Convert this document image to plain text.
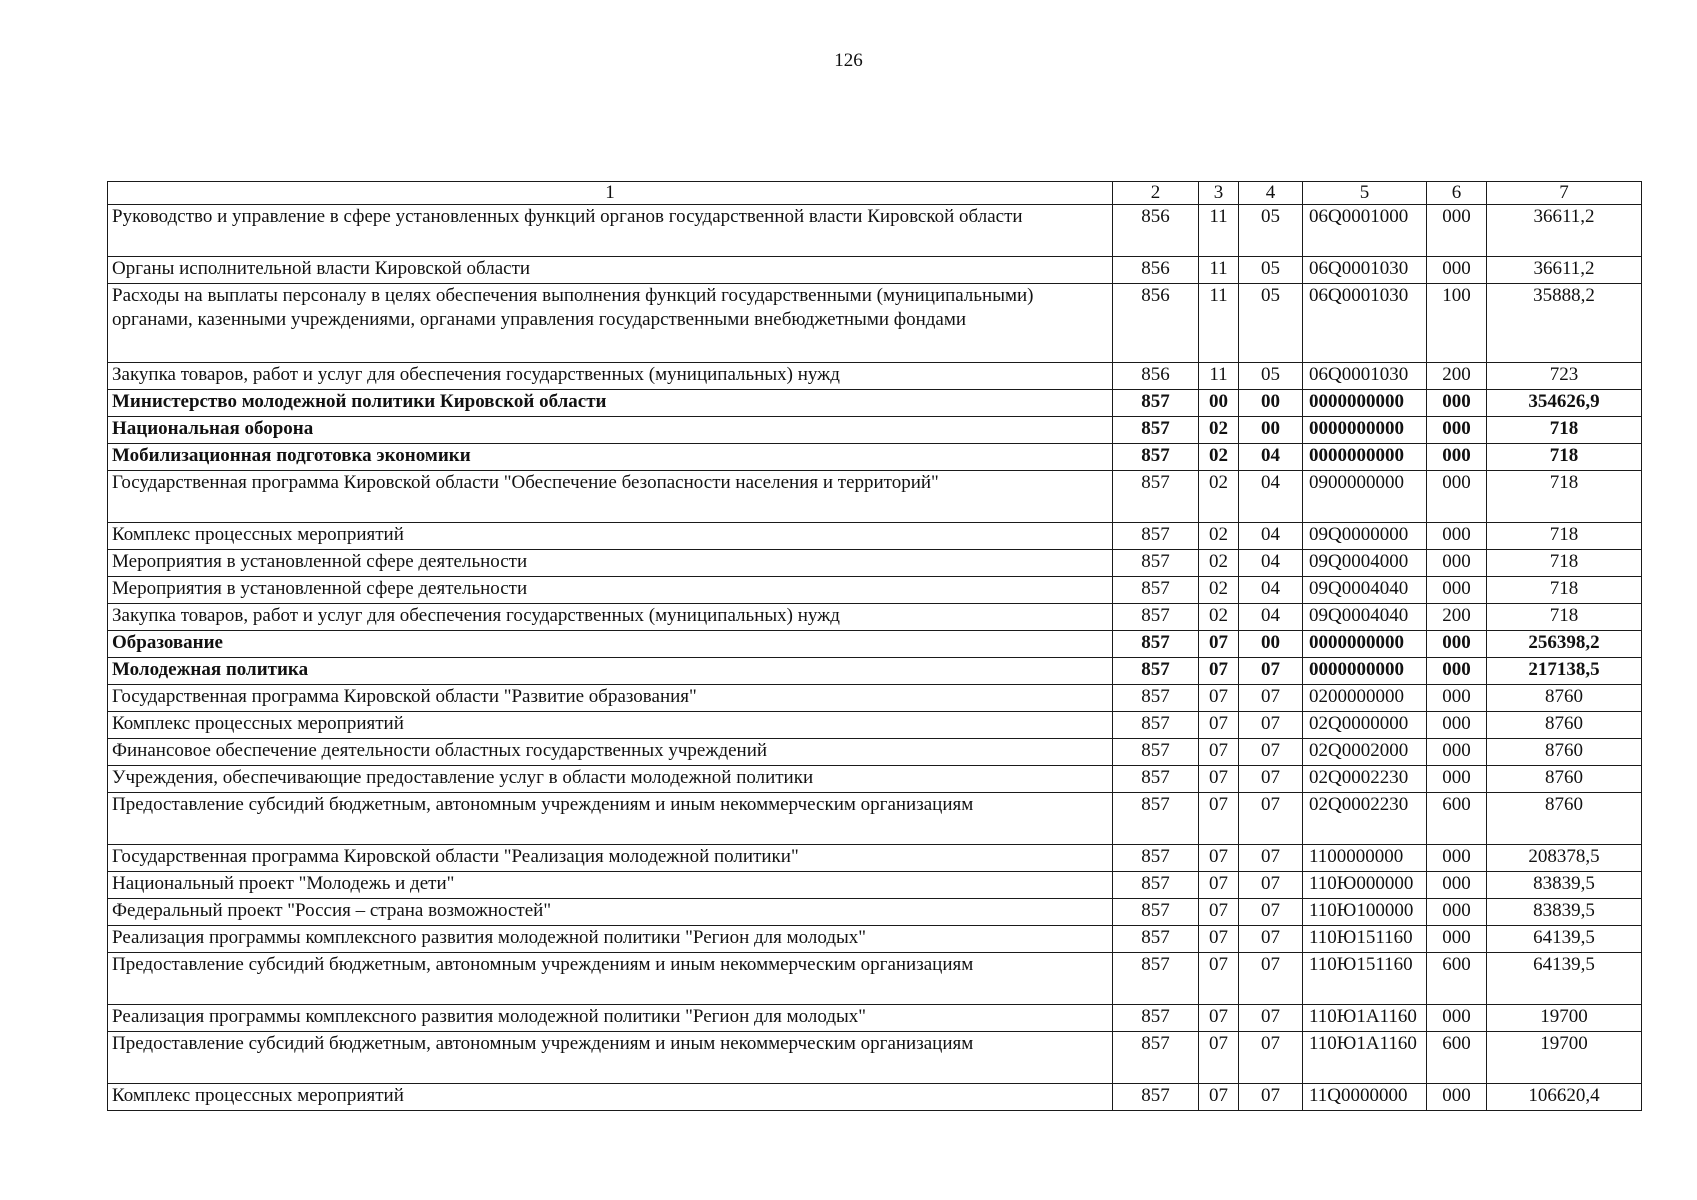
126
1	2	3	4	5	6	7
Руководство и управление в сфере установленных функций органов государственной власти Кировской области	856	11	05	06Q0001000	000	36611,2
Органы исполнительной власти Кировской области	856	11	05	06Q0001030	000	36611,2
Расходы на выплаты персоналу в целях обеспечения выполнения функций государственными (муниципальными) органами, казенными учреждениями, органами управления государственными внебюджетными фондами	856	11	05	06Q0001030	100	35888,2
Закупка товаров, работ и услуг для обеспечения государственных (муниципальных) нужд	856	11	05	06Q0001030	200	723
Министерство молодежной политики Кировской области	857	00	00	0000000000	000	354626,9
Национальная оборона	857	02	00	0000000000	000	718
Мобилизационная подготовка экономики	857	02	04	0000000000	000	718
Государственная программа Кировской области "Обеспечение безопасности населения и территорий"	857	02	04	0900000000	000	718
Комплекс процессных мероприятий	857	02	04	09Q0000000	000	718
Мероприятия в установленной сфере деятельности	857	02	04	09Q0004000	000	718
Мероприятия в установленной сфере деятельности	857	02	04	09Q0004040	000	718
Закупка товаров, работ и услуг для обеспечения государственных (муниципальных) нужд	857	02	04	09Q0004040	200	718
Образование	857	07	00	0000000000	000	256398,2
Молодежная политика	857	07	07	0000000000	000	217138,5
Государственная программа Кировской области "Развитие образования"	857	07	07	0200000000	000	8760
Комплекс процессных мероприятий	857	07	07	02Q0000000	000	8760
Финансовое обеспечение деятельности областных государственных учреждений	857	07	07	02Q0002000	000	8760
Учреждения, обеспечивающие предоставление услуг в области молодежной политики	857	07	07	02Q0002230	000	8760
Предоставление субсидий бюджетным, автономным учреждениям и иным некоммерческим организациям	857	07	07	02Q0002230	600	8760
Государственная программа Кировской области "Реализация молодежной политики"	857	07	07	1100000000	000	208378,5
Национальный проект "Молодежь и дети"	857	07	07	110Ю000000	000	83839,5
Федеральный проект "Россия – страна возможностей"	857	07	07	110Ю100000	000	83839,5
Реализация программы комплексного развития молодежной политики "Регион для молодых"	857	07	07	110Ю151160	000	64139,5
Предоставление субсидий бюджетным, автономным учреждениям и иным некоммерческим организациям	857	07	07	110Ю151160	600	64139,5
Реализация программы комплексного развития молодежной политики "Регион для молодых"	857	07	07	110Ю1А1160	000	19700
Предоставление субсидий бюджетным, автономным учреждениям и иным некоммерческим организациям	857	07	07	110Ю1А1160	600	19700
Комплекс процессных мероприятий	857	07	07	11Q0000000	000	106620,4
